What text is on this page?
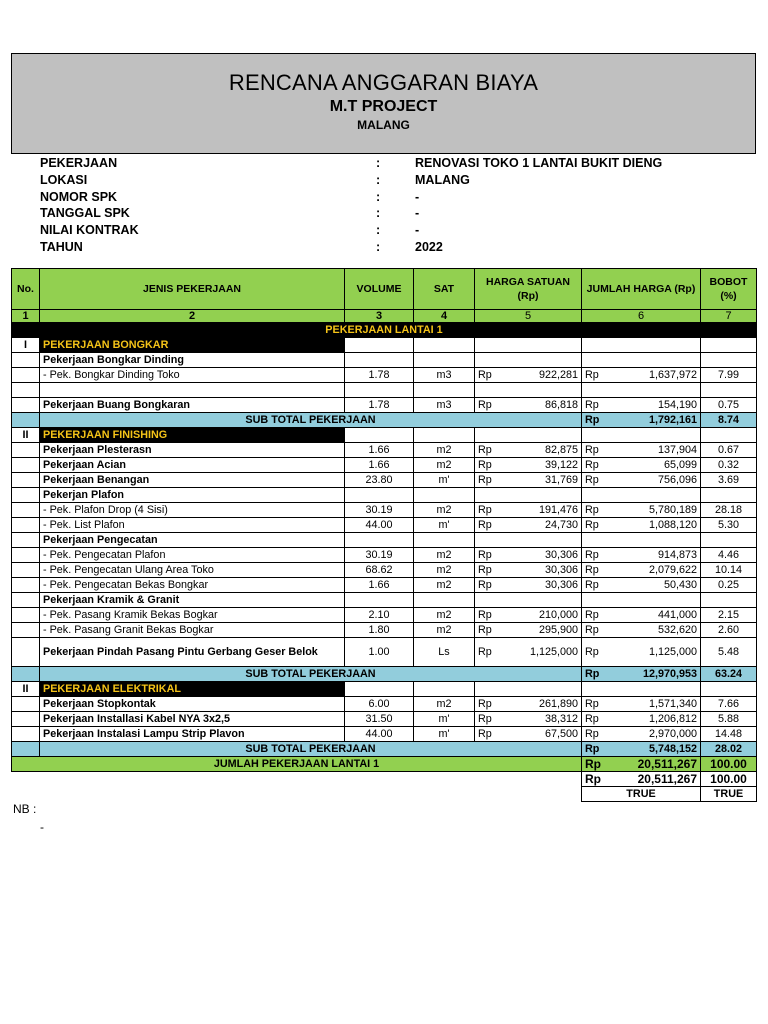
RENCANA ANGGARAN BIAYA
M.T PROJECT
MALANG
PEKERJAAN	:	RENOVASI TOKO 1 LANTAI BUKIT DIENG
LOKASI	:	MALANG
NOMOR SPK	:	-
TANGGAL SPK	:	-
NILAI KONTRAK	:	-
TAHUN	:	2022
No.	JENIS PEKERJAAN	VOLUME	SAT	HARGA SATUAN (Rp)	JUMLAH HARGA (Rp)	BOBOT (%)
1	2	3	4	5	6	7
PEKERJAAN LANTAI 1						
I	PEKERJAAN BONGKAR					
	Pekerjaan Bongkar Dinding					
	- Pek. Bongkar Dinding Toko	1.78	m3	Rp 922,281	Rp 1,637,972	7.99

	Pekerjaan Buang Bongkaran	1.78	m3	Rp 86,818	Rp 154,190	0.75
	SUB TOTAL PEKERJAAN				Rp 1,792,161	8.74
II	PEKERJAAN FINISHING					
	Pekerjaan Plesterasn	1.66	m2	Rp 82,875	Rp 137,904	0.67
	Pekerjaan Acian	1.66	m2	Rp 39,122	Rp 65,099	0.32
	Pekerjaan Benangan	23.80	m'	Rp 31,769	Rp 756,096	3.69
	Pekerjan Plafon					
	- Pek. Plafon Drop (4 Sisi)	30.19	m2	Rp 191,476	Rp 5,780,189	28.18
	- Pek. List Plafon	44.00	m'	Rp 24,730	Rp 1,088,120	5.30
	Pekerjaan Pengecatan					
	- Pek. Pengecatan Plafon	30.19	m2	Rp 30,306	Rp 914,873	4.46
	- Pek. Pengecatan Ulang Area Toko	68.62	m2	Rp 30,306	Rp 2,079,622	10.14
	- Pek. Pengecatan Bekas Bongkar	1.66	m2	Rp 30,306	Rp 50,430	0.25
	Pekerjaan Kramik & Granit					
	- Pek. Pasang Kramik Bekas Bogkar	2.10	m2	Rp 210,000	Rp 441,000	2.15
	- Pek. Pasang Granit Bekas Bogkar	1.80	m2	Rp 295,900	Rp 532,620	2.60
	Pekerjaan Pindah Pasang Pintu Gerbang Geser Belok	1.00	Ls	Rp 1,125,000	Rp 1,125,000	5.48
	SUB TOTAL PEKERJAAN				Rp 12,970,953	63.24
II	PEKERJAAN ELEKTRIKAL					
	Pekerjaan Stopkontak	6.00	m2	Rp 261,890	Rp 1,571,340	7.66
	Pekerjaan Installasi Kabel NYA 3x2,5	31.50	m'	Rp 38,312	Rp 1,206,812	5.88
	Pekerjaan Instalasi Lampu Strip Plavon	44.00	m'	Rp 67,500	Rp 2,970,000	14.48
	SUB TOTAL PEKERJAAN				Rp 5,748,152	28.02
JUMLAH PEKERJAAN LANTAI 1					Rp 20,511,267	100.00

					Rp 20,511,267	100.00
					TRUE	TRUE
NB :
-
